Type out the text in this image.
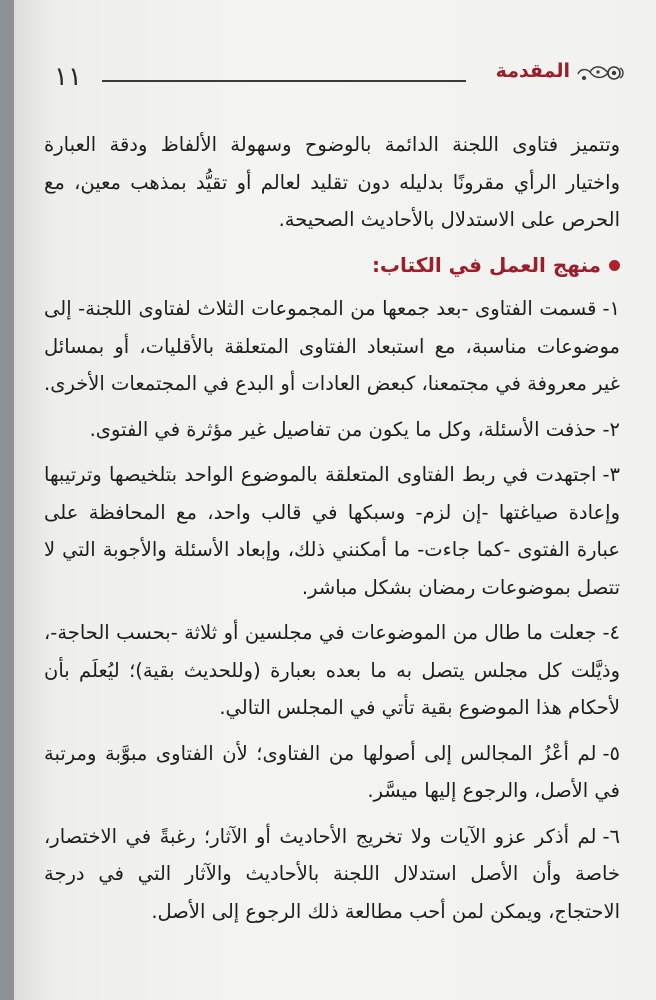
١١	المقدمة

وتتميز فتاوى اللجنة الدائمة بالوضوح وسهولة الألفاظ ودقة العبارة واختيار الرأي مقرونًا بدليله دون تقليد لعالم أو تقيُّد بمذهب معين، مع الحرص على الاستدلال بالأحاديث الصحيحة.

منهج العمل في الكتاب:

١-قسمت الفتاوى -بعد جمعها من المجموعات الثلاث لفتاوى اللجنة- إلى موضوعات مناسبة، مع استبعاد الفتاوى المتعلقة بالأقليات، أو بمسائل غير معروفة في مجتمعنا، كبعض العادات أو البدع في المجتمعات الأخرى.

٢-حذفت الأسئلة، وكل ما يكون من تفاصيل غير مؤثرة في الفتوى.

٣-اجتهدت في ربط الفتاوى المتعلقة بالموضوع الواحد بتلخيصها وترتيبها وإعادة صياغتها -إن لزم- وسبكها في قالب واحد، مع المحافظة على عبارة الفتوى -كما جاءت- ما أمكنني ذلك، وإبعاد الأسئلة والأجوبة التي لا تتصل بموضوعات رمضان بشكل مباشر.

٤-جعلت ما طال من الموضوعات في مجلسين أو ثلاثة -بحسب الحاجة-، وذيَّلت كل مجلس يتصل به ما بعده بعبارة (وللحديث بقية)؛ ليُعلَم بأن لأحكام هذا الموضوع بقية تأتي في المجلس التالي.

٥-لم أعْزُ المجالس إلى أصولها من الفتاوى؛ لأن الفتاوى مبوَّبة ومرتبة في الأصل، والرجوع إليها ميسَّر.

٦-لم أذكر عزو الآيات ولا تخريج الأحاديث أو الآثار؛ رغبةً في الاختصار، خاصة وأن الأصل استدلال اللجنة بالأحاديث والآثار التي في درجة الاحتجاج، ويمكن لمن أحب مطالعة ذلك الرجوع إلى الأصل.
